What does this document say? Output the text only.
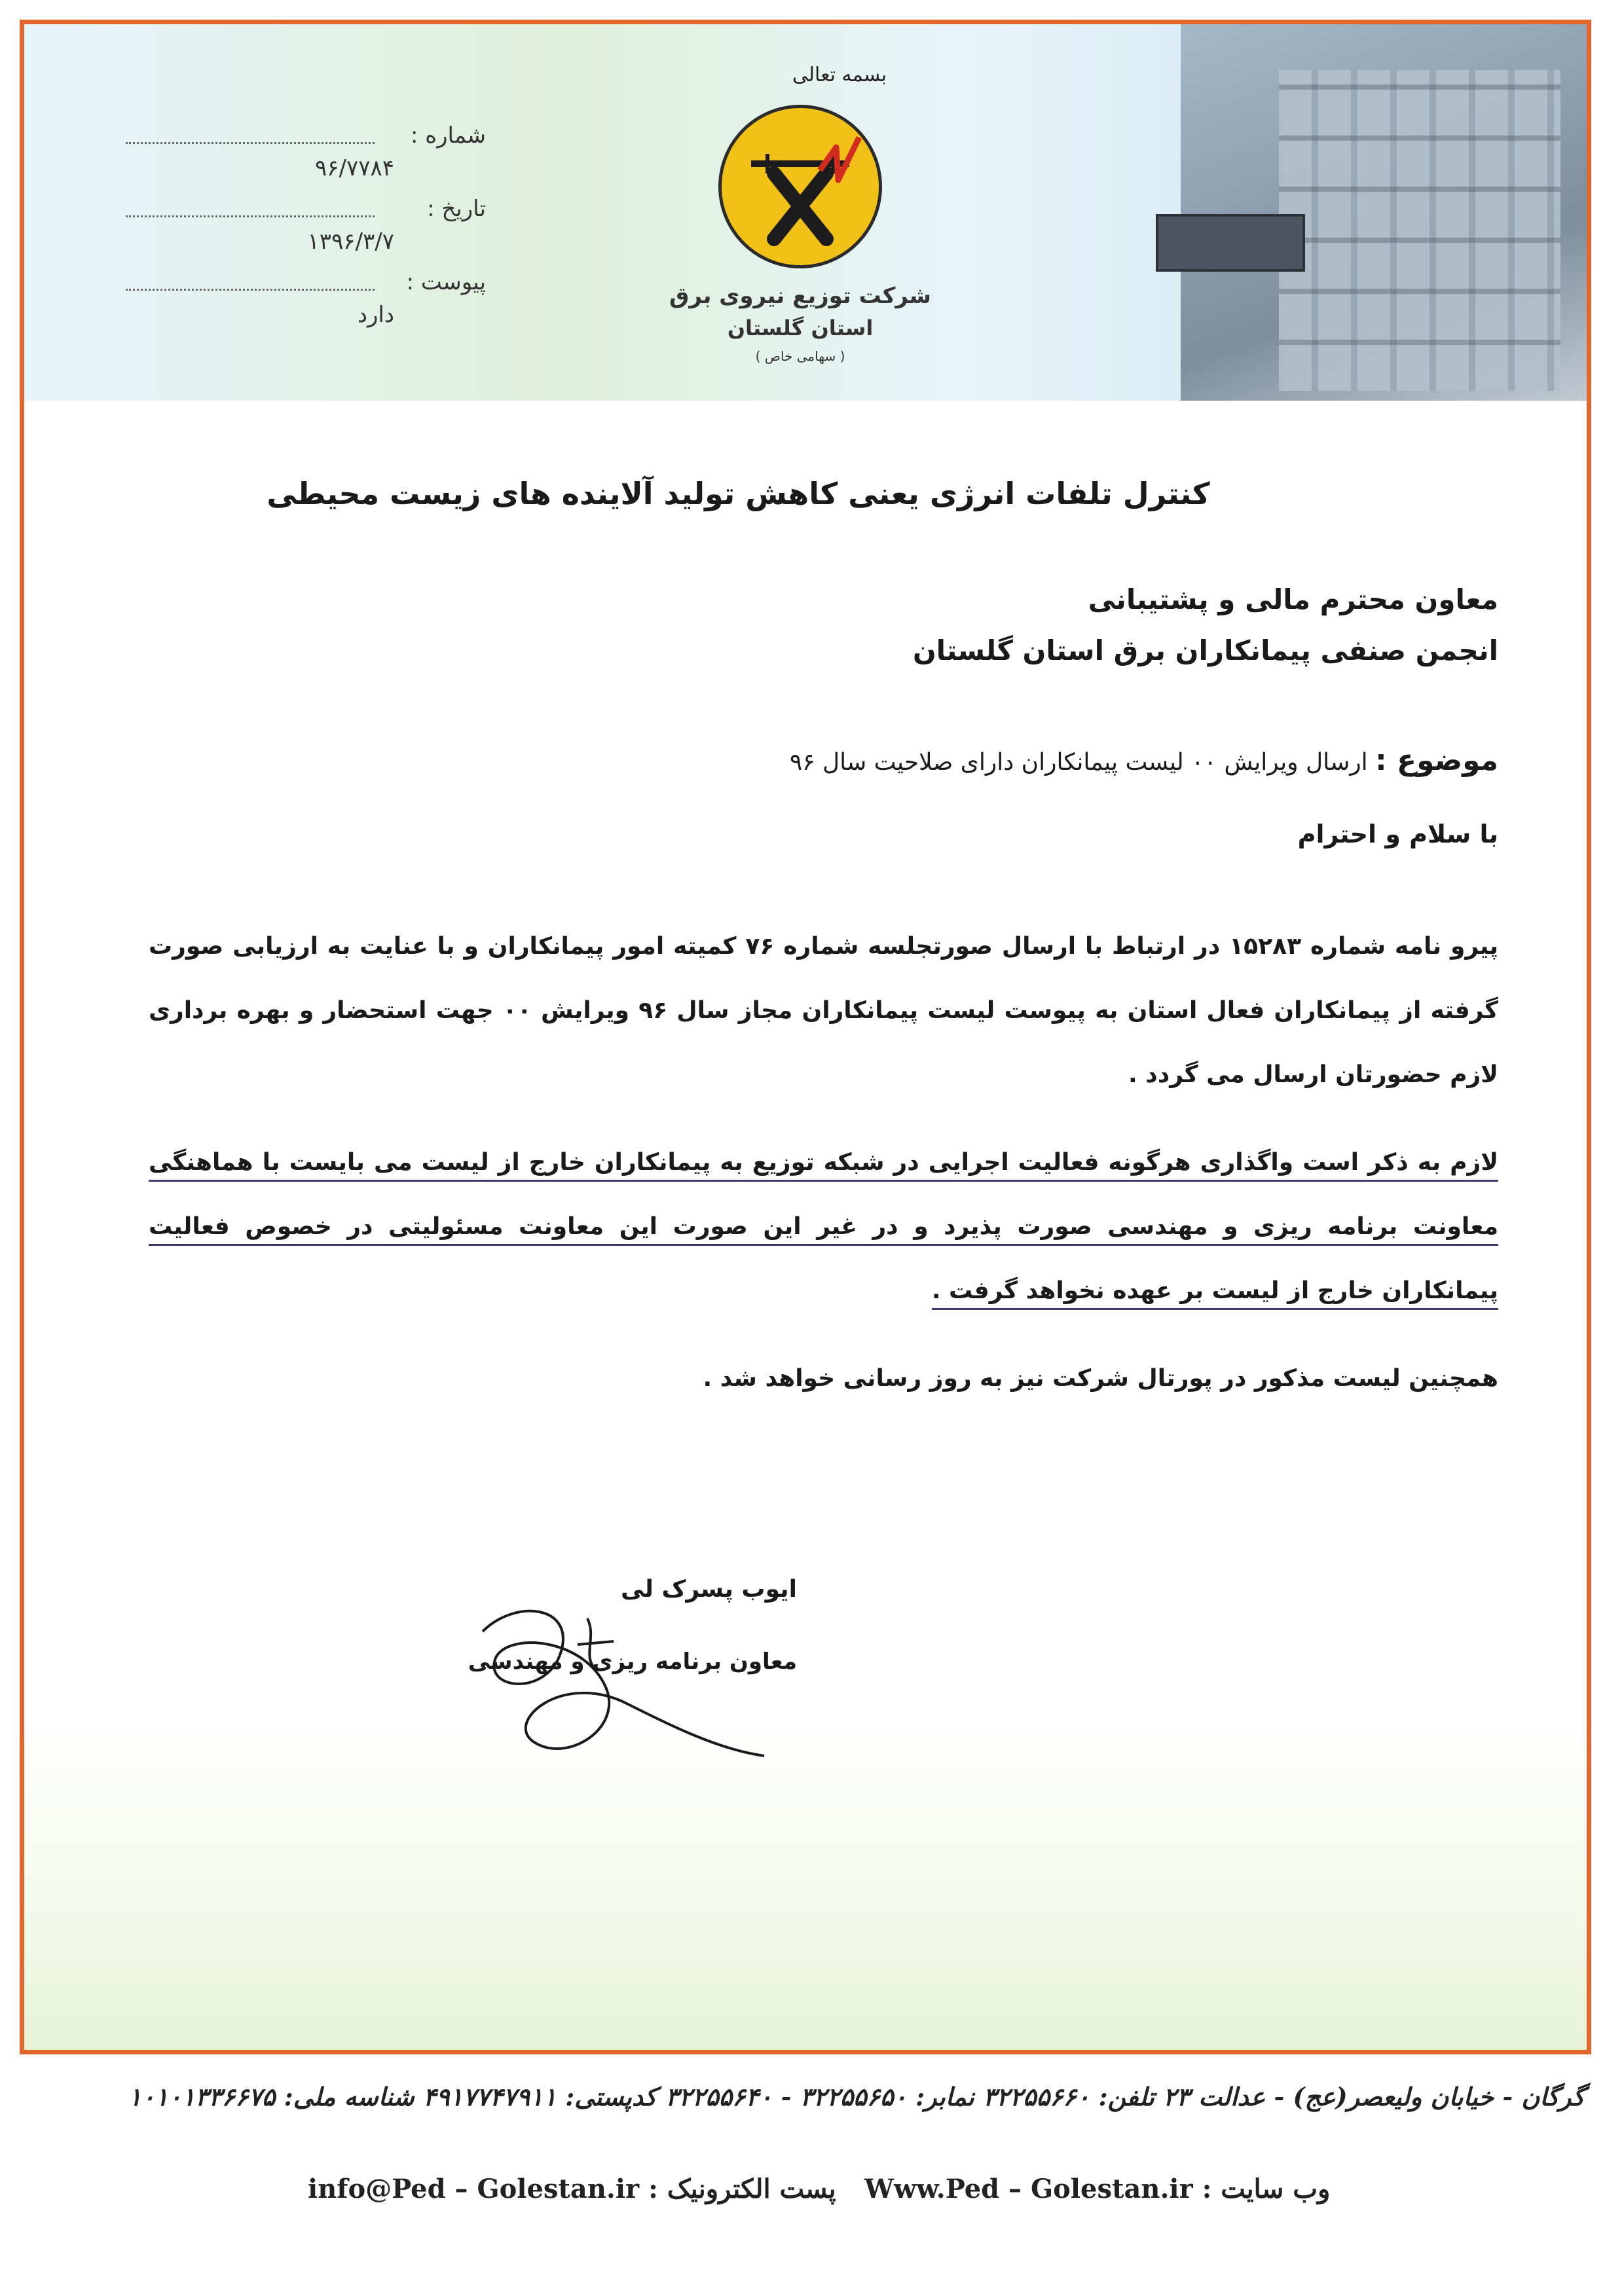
شماره :
۹۶/۷۷۸۴
تاریخ :
۱۳۹۶/۳/۷
پیوست :
دارد
بسمه تعالی
شرکت توزیع نیروی برق
استان گلستان
( سهامی خاص )
کنترل تلفات انرژی یعنی کاهش تولید آلاینده های زیست محیطی
معاون محترم مالی و پشتیبانی
انجمن صنفی پیمانکاران برق استان گلستان
موضوع : ارسال ویرایش ۰۰ لیست پیمانکاران دارای صلاحیت سال ۹۶
با سلام و احترام
پیرو نامه شماره ۱۵۲۸۳ در ارتباط با ارسال صورتجلسه شماره ۷۶ کمیته امور پیمانکاران و با عنایت به ارزیابی صورت گرفته از پیمانکاران فعال استان به پیوست لیست پیمانکاران مجاز سال ۹۶ ویرایش ۰۰ جهت استحضار و بهره برداری لازم حضورتان ارسال می گردد .
لازم به ذکر است واگذاری هرگونه فعالیت اجرایی در شبکه توزیع به پیمانکاران خارج از لیست می بایست با هماهنگی معاونت برنامه ریزی و مهندسی صورت پذیرد و در غیر این صورت این معاونت مسئولیتی در خصوص فعالیت پیمانکاران خارج از لیست بر عهده نخواهد گرفت .
همچنین لیست مذکور در پورتال شرکت نیز به روز رسانی خواهد شد .
ایوب پسرک لی
معاون برنامه ریزی و مهندسی
گرگان - خیابان ولیعصر(عج) - عدالت ۲۳ تلفن: ۳۲۲۵۵۶۶۰ نمابر: ۳۲۲۵۵۶۵۰ - ۳۲۲۵۵۶۴۰ کدپستی: ۴۹۱۷۷۴۷۹۱۱ شناسه ملی: ۱۰۱۰۱۳۳۶۶۷۵
وب سایت : Www.Ped – Golestan.ir
پست الکترونیک : info@Ped – Golestan.ir
